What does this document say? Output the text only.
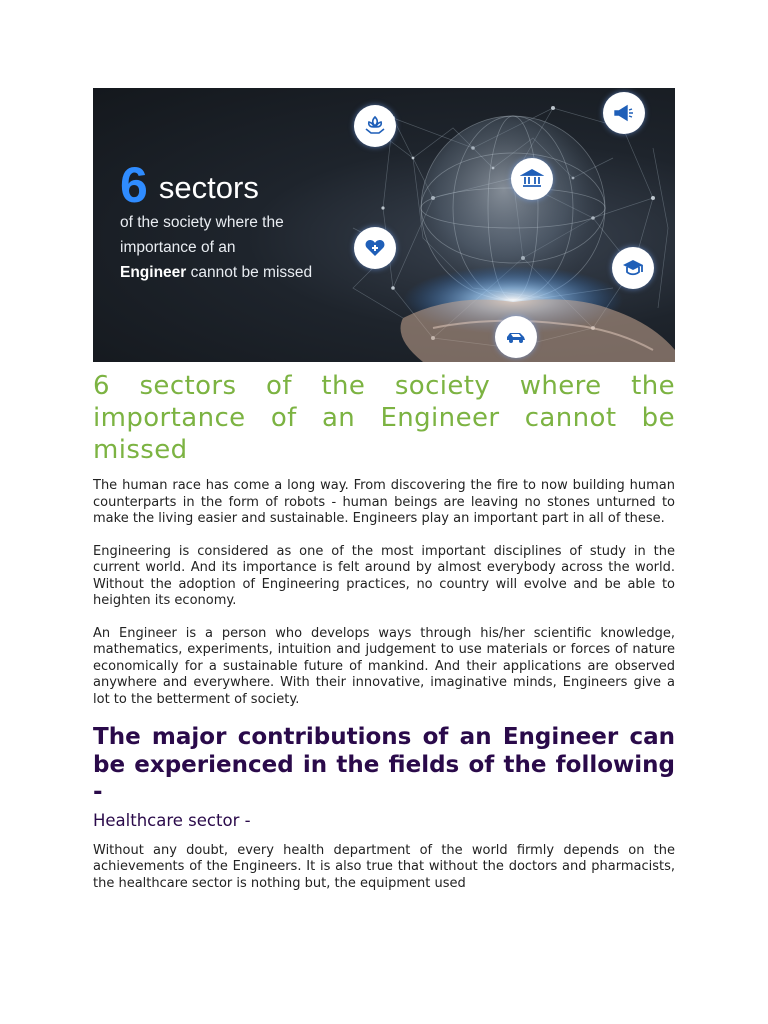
6 sectors
of the society where the
importance of an
Engineer cannot be missed
6 sectors of the society where the importance of an Engineer cannot be missed

The human race has come a long way. From discovering the fire to now building human counterparts in the form of robots - human beings are leaving no stones unturned to make the living easier and sustainable. Engineers play an important part in all of these.

Engineering is considered as one of the most important disciplines of study in the current world. And its importance is felt around by almost everybody across the world. Without the adoption of Engineering practices, no country will evolve and be able to heighten its economy.

An Engineer is a person who develops ways through his/her scientific knowledge, mathematics, experiments, intuition and judgement to use materials or forces of nature economically for a sustainable future of mankind. And their applications are observed anywhere and everywhere. With their innovative, imaginative minds, Engineers give a lot to the betterment of society.

The major contributions of an Engineer can be experienced in the fields of the following -
Healthcare sector -

Without any doubt, every health department of the world firmly depends on the achievements of the Engineers. It is also true that without the doctors and pharmacists, the healthcare sector is nothing but, the equipment used
